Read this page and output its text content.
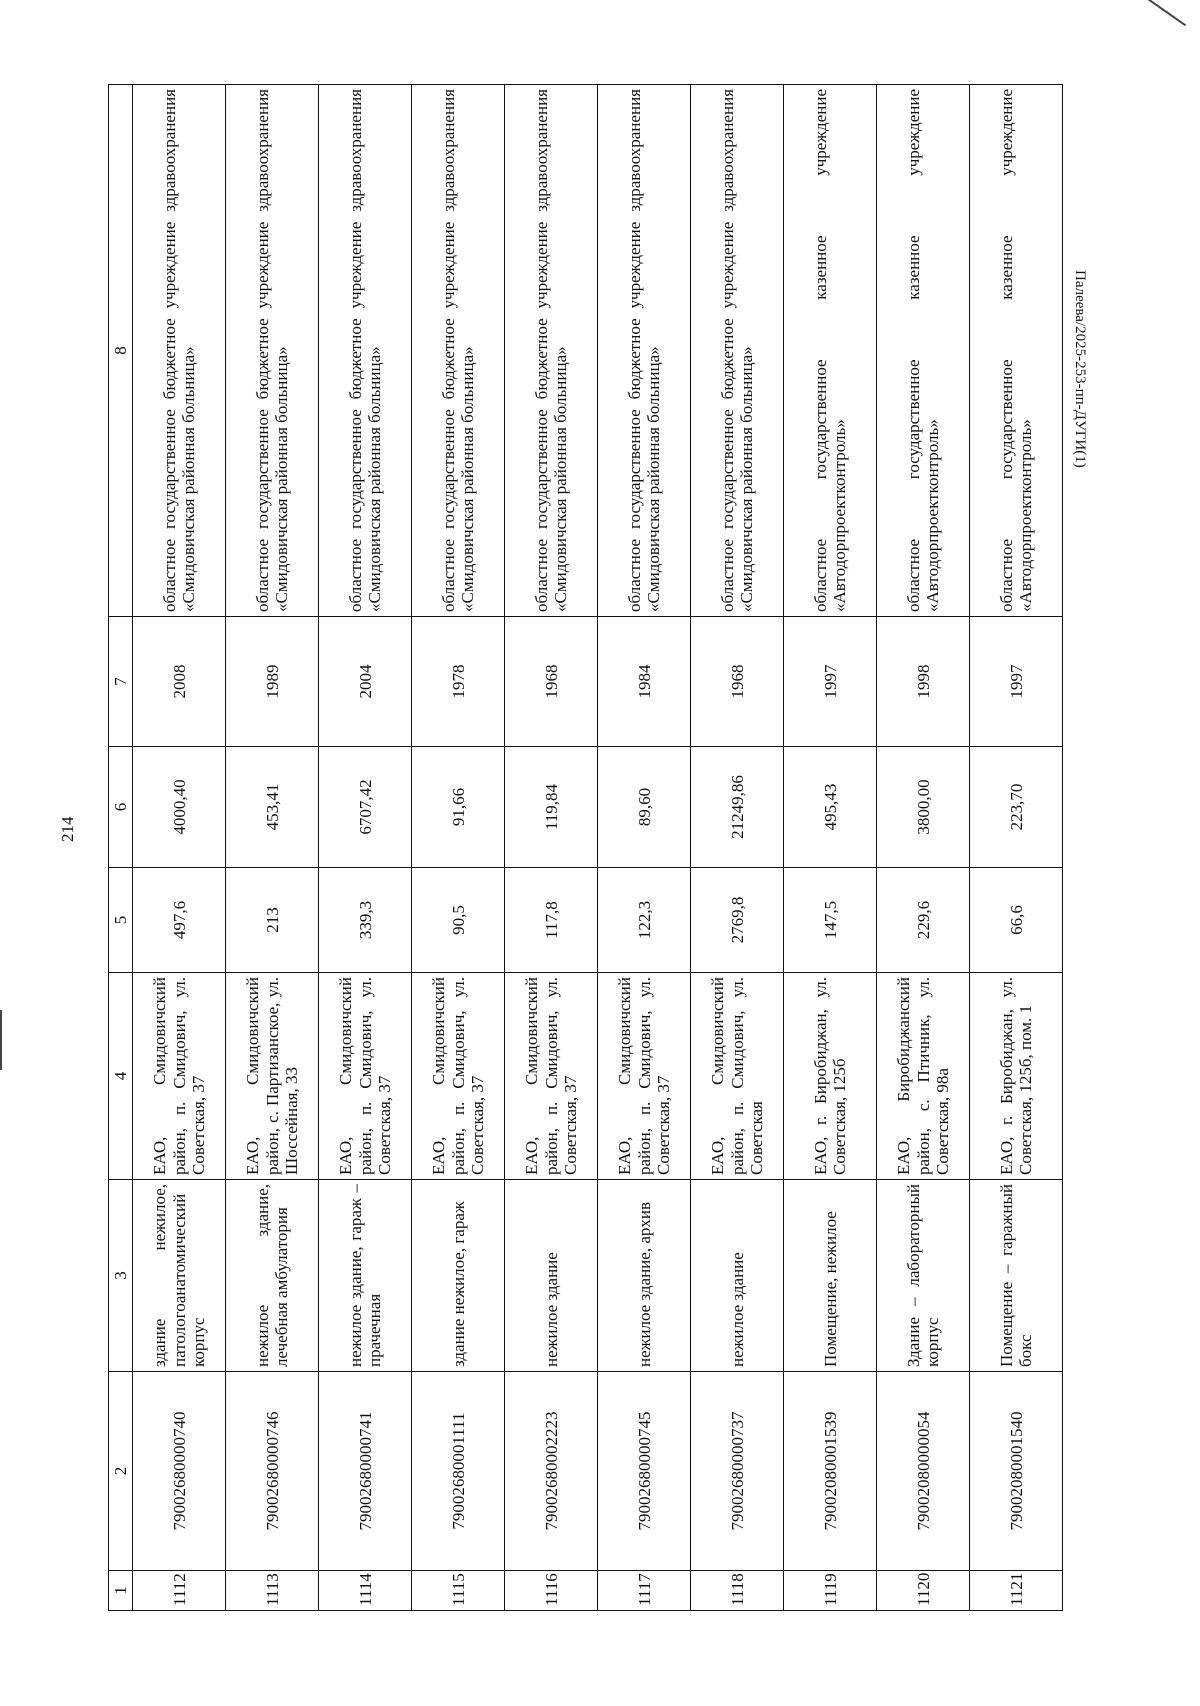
214
1	2	3	4	5	6	7	8
1112	79002680000740	здание нежилое, патологоанатомический корпус	ЕАО, Смидовичский район, п. Смидович, ул. Советская, 37	497,6	4000,40	2008	областное государственное бюджетное учреждение здравоохранения «Смидовичская районная больница»
1113	79002680000746	нежилое здание, лечебная амбулатория	ЕАО, Смидовичский район, с. Партизанское, ул. Шоссейная, 33	213	453,41	1989	областное государственное бюджетное учреждение здравоохранения «Смидовичская районная больница»
1114	79002680000741	нежилое здание, гараж – прачечная	ЕАО, Смидовичский район, п. Смидович, ул. Советская, 37	339,3	6707,42	2004	областное государственное бюджетное учреждение здравоохранения «Смидовичская районная больница»
1115	79002680001111	здание нежилое, гараж	ЕАО, Смидовичский район, п. Смидович, ул. Советская, 37	90,5	91,66	1978	областное государственное бюджетное учреждение здравоохранения «Смидовичская районная больница»
1116	79002680002223	нежилое здание	ЕАО, Смидовичский район, п. Смидович, ул. Советская, 37	117,8	119,84	1968	областное государственное бюджетное учреждение здравоохранения «Смидовичская районная больница»
1117	79002680000745	нежилое здание, архив	ЕАО, Смидовичский район, п. Смидович, ул. Советская, 37	122,3	89,60	1984	областное государственное бюджетное учреждение здравоохранения «Смидовичская районная больница»
1118	79002680000737	нежилое здание	ЕАО, Смидовичский район, п. Смидович, ул. Советская	2769,8	21249,86	1968	областное государственное бюджетное учреждение здравоохранения «Смидовичская районная больница»
1119	79002080001539	Помещение, нежилое	ЕАО, г. Биробиджан, ул. Советская, 125б	147,5	495,43	1997	областное государственное казенное учреждение «Автодорпроектконтроль»
1120	79002080000054	Здание – лабораторный корпус	ЕАО, Биробиджанский район, с. Птичник, ул. Советская, 98а	229,6	3800,00	1998	областное государственное казенное учреждение «Автодорпроектконтроль»
1121	79002080001540	Помещение – гаражный бокс	ЕАО, г. Биробиджан, ул. Советская, 125б, пом. 1	66,6	223,70	1997	областное государственное казенное учреждение «Автодорпроектконтроль»
Палеева/2025-253-пп-ДУГИ(1)
